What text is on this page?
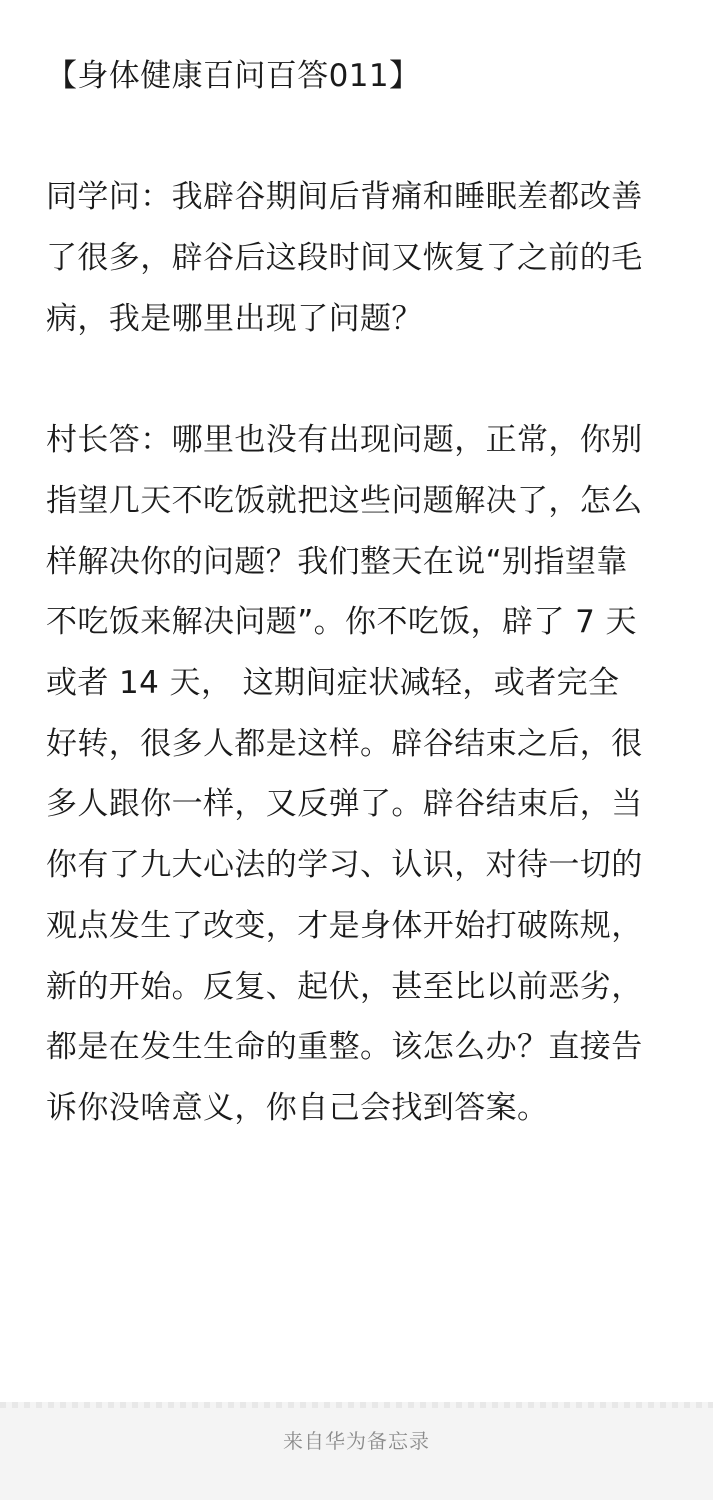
【身体健康百问百答011】

同学问：我辟谷期间后背痛和睡眠差都改善了很多，辟谷后这段时间又恢复了之前的毛病，我是哪里出现了问题？

村长答：哪里也没有出现问题，正常，你别指望几天不吃饭就把这些问题解决了，怎么样解决你的问题？我们整天在说“别指望靠不吃饭来解决问题”。你不吃饭，辟了 7 天或者 14 天， 这期间症状减轻，或者完全好转，很多人都是这样。辟谷结束之后，很多人跟你一样，又反弹了。辟谷结束后，当你有了九大心法的学习、认识，对待一切的观点发生了改变，才是身体开始打破陈规，新的开始。反复、起伏，甚至比以前恶劣，都是在发生生命的重整。该怎么办？直接告诉你没啥意义，你自己会找到答案。

来自华为备忘录
